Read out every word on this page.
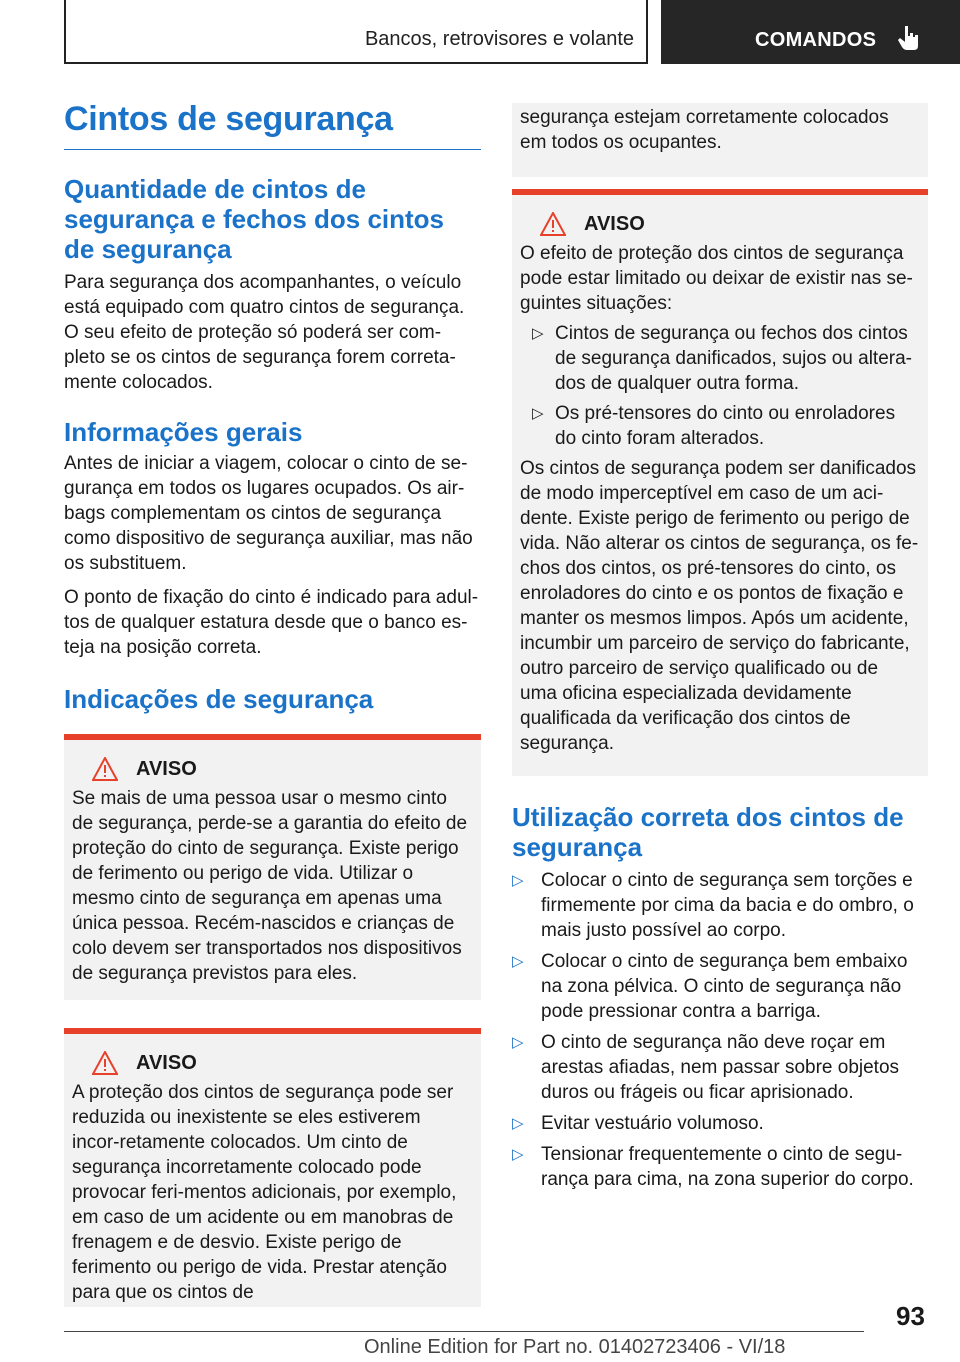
Bancos, retrovisores e volante	COMANDOS
Cintos de segurança
Quantidade de cintos de segurança e fechos dos cintos de segurança

Para segurança dos acompanhantes, o veículo está equipado com quatro cintos de segurança. O seu efeito de proteção só poderá ser com-pleto se os cintos de segurança forem correta-mente colocados.

Informações gerais

Antes de iniciar a viagem, colocar o cinto de se-gurança em todos os lugares ocupados. Os air-bags complementam os cintos de segurança como dispositivo de segurança auxiliar, mas não os substituem.

O ponto de fixação do cinto é indicado para adul-tos de qualquer estatura desde que o banco es-teja na posição correta.

Indicações de segurança
AVISO

Se mais de uma pessoa usar o mesmo cinto de segurança, perde-se a garantia do efeito de proteção do cinto de segurança. Existe perigo de ferimento ou perigo de vida. Utilizar o mesmo cinto de segurança em apenas uma única pessoa. Recém-nascidos e crianças de colo devem ser transportados nos dispositivos de segurança previstos para eles.

AVISO

A proteção dos cintos de segurança pode ser reduzida ou inexistente se eles estiverem incor-retamente colocados. Um cinto de segurança incorretamente colocado pode provocar feri-mentos adicionais, por exemplo, em caso de um acidente ou em manobras de frenagem e de desvio. Existe perigo de ferimento ou perigo de vida. Prestar atenção para que os cintos de

segurança estejam corretamente colocados em todos os ocupantes.

AVISO

O efeito de proteção dos cintos de segurança pode estar limitado ou deixar de existir nas se-guintes situações:

▷ Cintos de segurança ou fechos dos cintos de segurança danificados, sujos ou altera-dos de qualquer outra forma.
▷ Os pré-tensores do cinto ou enroladores do cinto foram alterados.

Os cintos de segurança podem ser danificados de modo imperceptível em caso de um aci-dente. Existe perigo de ferimento ou perigo de vida. Não alterar os cintos de segurança, os fe-chos dos cintos, os pré-tensores do cinto, os enroladores do cinto e os pontos de fixação e manter os mesmos limpos. Após um acidente, incumbir um parceiro de serviço do fabricante, outro parceiro de serviço qualificado ou de uma oficina especializada devidamente qualificada da verificação dos cintos de segurança.

Utilização correta dos cintos de segurança
▷ Colocar o cinto de segurança sem torções e firmemente por cima da bacia e do ombro, o mais justo possível ao corpo.
▷ Colocar o cinto de segurança bem embaixo na zona pélvica. O cinto de segurança não pode pressionar contra a barriga.
▷ O cinto de segurança não deve roçar em arestas afiadas, nem passar sobre objetos duros ou frágeis ou ficar aprisionado.
▷ Evitar vestuário volumoso.
▷ Tensionar frequentemente o cinto de segu-rança para cima, na zona superior do corpo.
93
Online Edition for Part no. 01402723406 - VI/18
